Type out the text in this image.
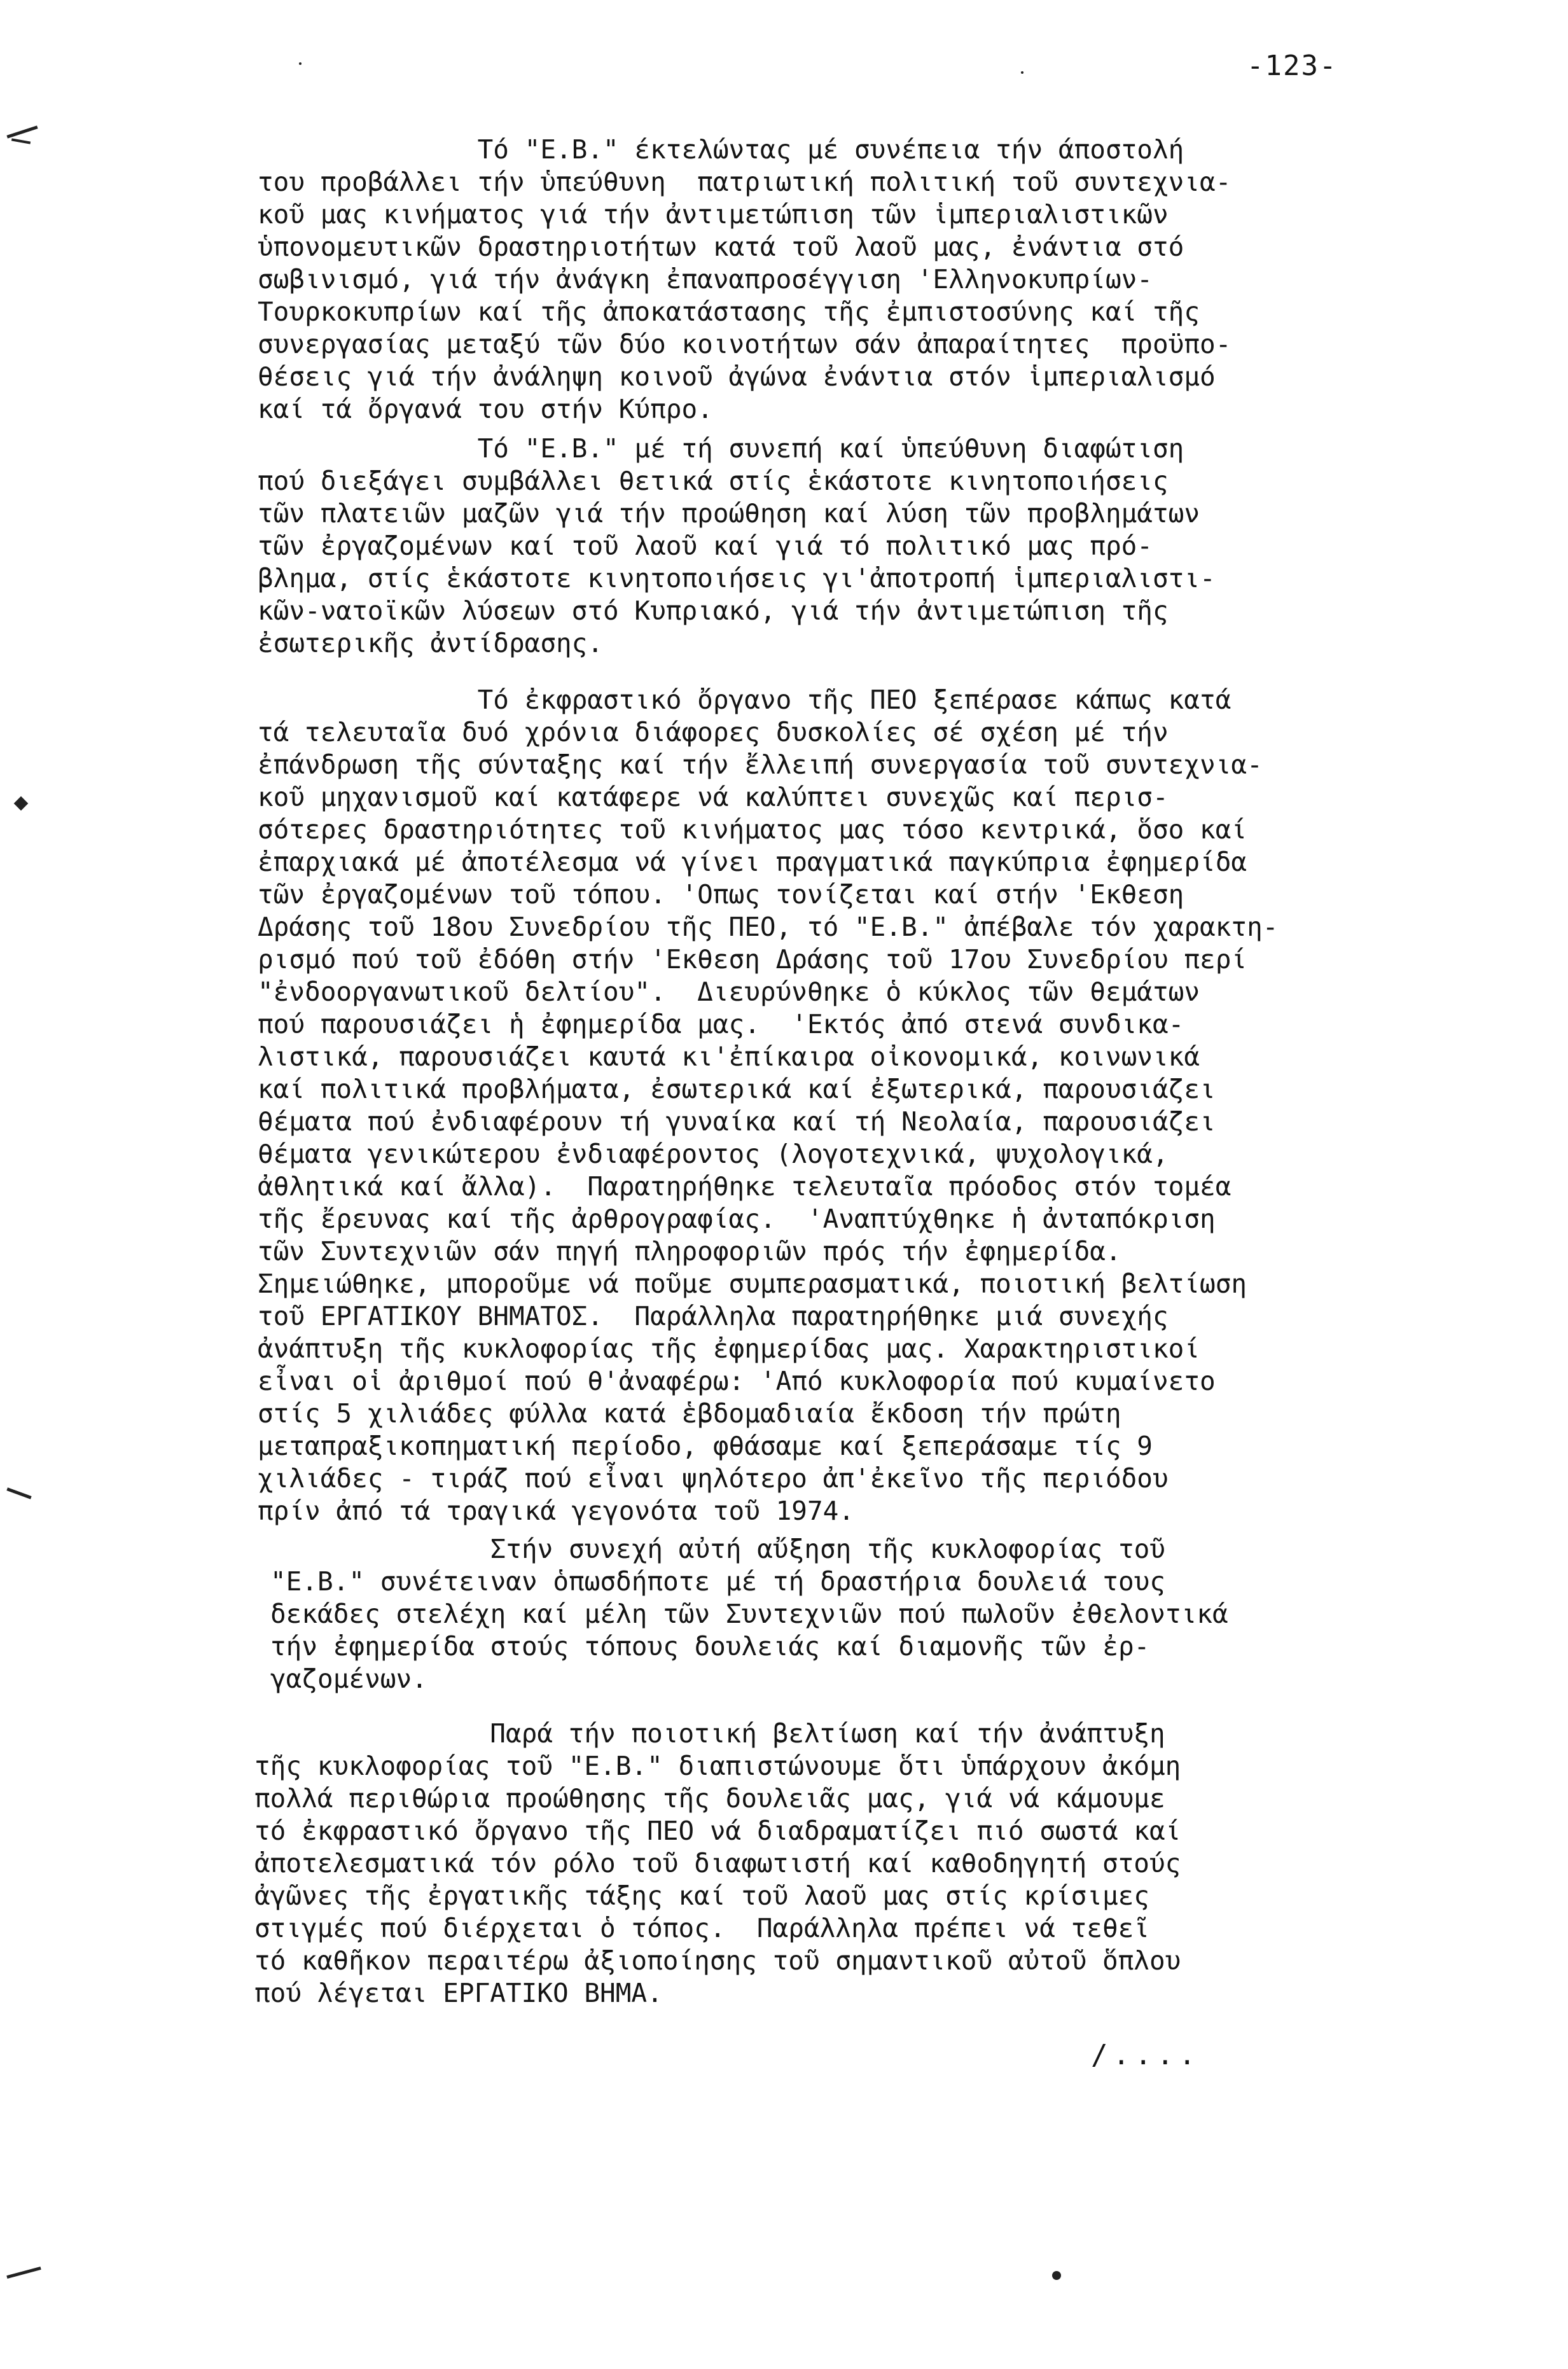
-123-

Τό "Ε.Β." έκτελώντας μέ συνέπεια τήν άποστολή
του προβάλλει τήν ὑπεύθυνη  πατριωτική πολιτική τοῦ συντεχνια-
κοῦ μας κινήματος γιά τήν ἀντιμετώπιση τῶν ἱμπεριαλιστικῶν
ὑπονομευτικῶν δραστηριοτήτων κατά τοῦ λαοῦ μας, ἐνάντια στό
σωβινισμό, γιά τήν ἀνάγκη ἐπαναπροσέγγιση 'Ελληνοκυπρίων-
Τουρκοκυπρίων καί τῆς ἀποκατάστασης τῆς ἐμπιστοσύνης καί τῆς
συνεργασίας μεταξύ τῶν δύο κοινοτήτων σάν ἀπαραίτητες  προϋπο-
θέσεις γιά τήν ἀνάληψη κοινοῦ ἀγώνα ἐνάντια στόν ἱμπεριαλισμό
καί τά ὄργανά του στήν Κύπρο.

Τό "Ε.Β." μέ τή συνεπή καί ὑπεύθυνη διαφώτιση
πού διεξάγει συμβάλλει θετικά στίς ἑκάστοτε κινητοποιήσεις
τῶν πλατειῶν μαζῶν γιά τήν προώθηση καί λύση τῶν προβλημάτων
τῶν ἐργαζομένων καί τοῦ λαοῦ καί γιά τό πολιτικό μας πρό-
βλημα, στίς ἑκάστοτε κινητοποιήσεις γι'ἀποτροπή ἱμπεριαλιστι-
κῶν-νατοϊκῶν λύσεων στό Κυπριακό, γιά τήν ἀντιμετώπιση τῆς
ἐσωτερικῆς ἀντίδρασης.

Τό ἐκφραστικό ὄργανο τῆς ΠΕΟ ξεπέρασε κάπως κατά
τά τελευταῖα δυό χρόνια διάφορες δυσκολίες σέ σχέση μέ τήν
ἐπάνδρωση τῆς σύνταξης καί τήν ἔλλειπή συνεργασία τοῦ συντεχνια-
κοῦ μηχανισμοῦ καί κατάφερε νά καλύπτει συνεχῶς καί περισ-
σότερες δραστηριότητες τοῦ κινήματος μας τόσο κεντρικά, ὅσο καί
ἐπαρχιακά μέ ἀποτέλεσμα νά γίνει πραγματικά παγκύπρια ἐφημερίδα
τῶν ἐργαζομένων τοῦ τόπου. 'Οπως τονίζεται καί στήν 'Εκθεση
Δράσης τοῦ 18ου Συνεδρίου τῆς ΠΕΟ, τό "Ε.Β." ἀπέβαλε τόν χαρακτη-
ρισμό πού τοῦ ἐδόθη στήν 'Εκθεση Δράσης τοῦ 17ου Συνεδρίου περί
"ἐνδοοργανωτικοῦ δελτίου".  Διευρύνθηκε ὁ κύκλος τῶν θεμάτων
πού παρουσιάζει ἡ ἐφημερίδα μας.  'Εκτός ἀπό στενά συνδικα-
λιστικά, παρουσιάζει καυτά κι'ἐπίκαιρα οἰκονομικά, κοινωνικά
καί πολιτικά προβλήματα, ἐσωτερικά καί ἐξωτερικά, παρουσιάζει
θέματα πού ἐνδιαφέρουν τή γυναίκα καί τή Νεολαία, παρουσιάζει
θέματα γενικώτερου ἐνδιαφέροντος (λογοτεχνικά, ψυχολογικά,
ἀθλητικά καί ἄλλα).  Παρατηρήθηκε τελευταῖα πρόοδος στόν τομέα
τῆς ἔρευνας καί τῆς ἀρθρογραφίας.  'Αναπτύχθηκε ἡ ἀνταπόκριση
τῶν Συντεχνιῶν σάν πηγή πληροφοριῶν πρός τήν ἐφημερίδα.
Σημειώθηκε, μποροῦμε νά ποῦμε συμπερασματικά, ποιοτική βελτίωση
τοῦ ΕΡΓΑΤΙΚΟΥ ΒΗΜΑΤΟΣ.  Παράλληλα παρατηρήθηκε μιά συνεχής
ἀνάπτυξη τῆς κυκλοφορίας τῆς ἐφημερίδας μας. Χαρακτηριστικοί
εἶναι οἱ ἀριθμοί πού θ'ἀναφέρω: 'Από κυκλοφορία πού κυμαίνετο
στίς 5 χιλιάδες φύλλα κατά ἑβδομαδιαία ἔκδοση τήν πρώτη
μεταπραξικοπηματική περίοδο, φθάσαμε καί ξεπεράσαμε τίς 9
χιλιάδες - τιράζ πού εἶναι ψηλότερο ἀπ'ἐκεῖνο τῆς περιόδου
πρίν ἀπό τά τραγικά γεγονότα τοῦ 1974.

Στήν συνεχή αὐτή αὔξηση τῆς κυκλοφορίας τοῦ
"Ε.Β." συνέτειναν ὁπωσδήποτε μέ τή δραστήρια δουλειά τους
δεκάδες στελέχη καί μέλη τῶν Συντεχνιῶν πού πωλοῦν ἐθελοντικά
τήν ἐφημερίδα στούς τόπους δουλειάς καί διαμονῆς τῶν ἐρ-
γαζομένων.

Παρά τήν ποιοτική βελτίωση καί τήν ἀνάπτυξη
τῆς κυκλοφορίας τοῦ "Ε.Β." διαπιστώνουμε ὅτι ὑπάρχουν ἀκόμη
πολλά περιθώρια προώθησης τῆς δουλειᾶς μας, γιά νά κάμουμε
τό ἐκφραστικό ὄργανο τῆς ΠΕΟ νά διαδραματίζει πιό σωστά καί
ἀποτελεσματικά τόν ρόλο τοῦ διαφωτιστή καί καθοδηγητή στούς
ἀγῶνες τῆς ἐργατικῆς τάξης καί τοῦ λαοῦ μας στίς κρίσιμες
στιγμές πού διέρχεται ὁ τόπος.  Παράλληλα πρέπει νά τεθεῖ
τό καθῆκον περαιτέρω ἀξιοποίησης τοῦ σημαντικοῦ αὐτοῦ ὅπλου
πού λέγεται ΕΡΓΑΤΙΚΟ ΒΗΜΑ.

/....
